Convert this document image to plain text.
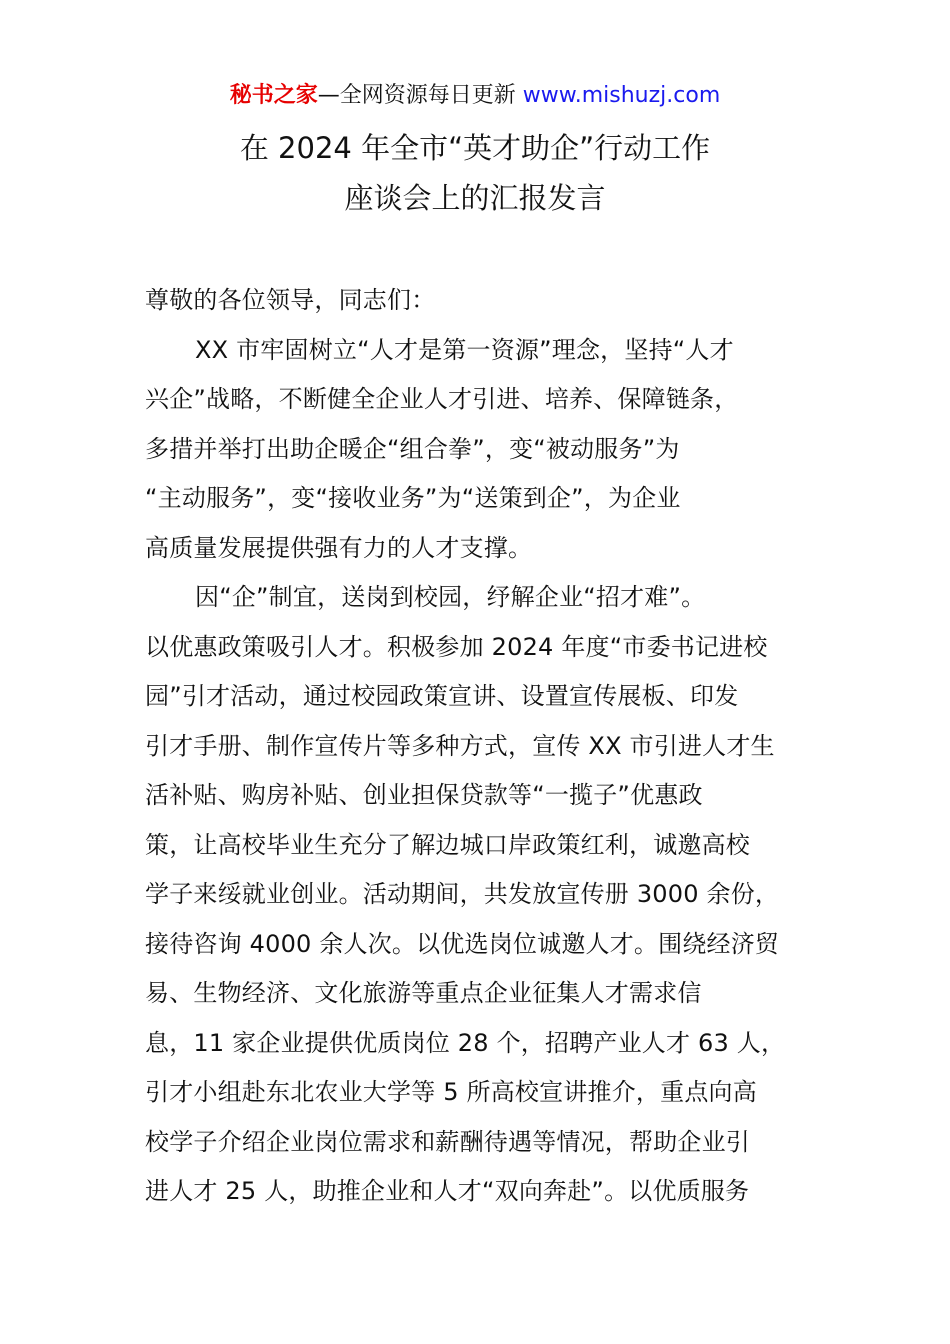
秘书之家—全网资源每日更新 www.mishuzj.com
在 2024 年全市“英才助企”行动工作
座谈会上的汇报发言
尊敬的各位领导，同志们：
XX 市牢固树立“人才是第一资源”理念，坚持“人才
兴企”战略，不断健全企业人才引进、培养、保障链条，
多措并举打出助企暖企“组合拳”，变“被动服务”为
“主动服务”，变“接收业务”为“送策到企”，为企业
高质量发展提供强有力的人才支撑。
因“企”制宜，送岗到校园，纾解企业“招才难”。
以优惠政策吸引人才。积极参加 2024 年度“市委书记进校
园”引才活动，通过校园政策宣讲、设置宣传展板、印发
引才手册、制作宣传片等多种方式，宣传 XX 市引进人才生
活补贴、购房补贴、创业担保贷款等“一揽子”优惠政
策，让高校毕业生充分了解边城口岸政策红利，诚邀高校
学子来绥就业创业。活动期间，共发放宣传册 3000 余份，
接待咨询 4000 余人次。以优选岗位诚邀人才。围绕经济贸
易、生物经济、文化旅游等重点企业征集人才需求信
息，11 家企业提供优质岗位 28 个，招聘产业人才 63 人，
引才小组赴东北农业大学等 5 所高校宣讲推介，重点向高
校学子介绍企业岗位需求和薪酬待遇等情况，帮助企业引
进人才 25 人，助推企业和人才“双向奔赴”。以优质服务
